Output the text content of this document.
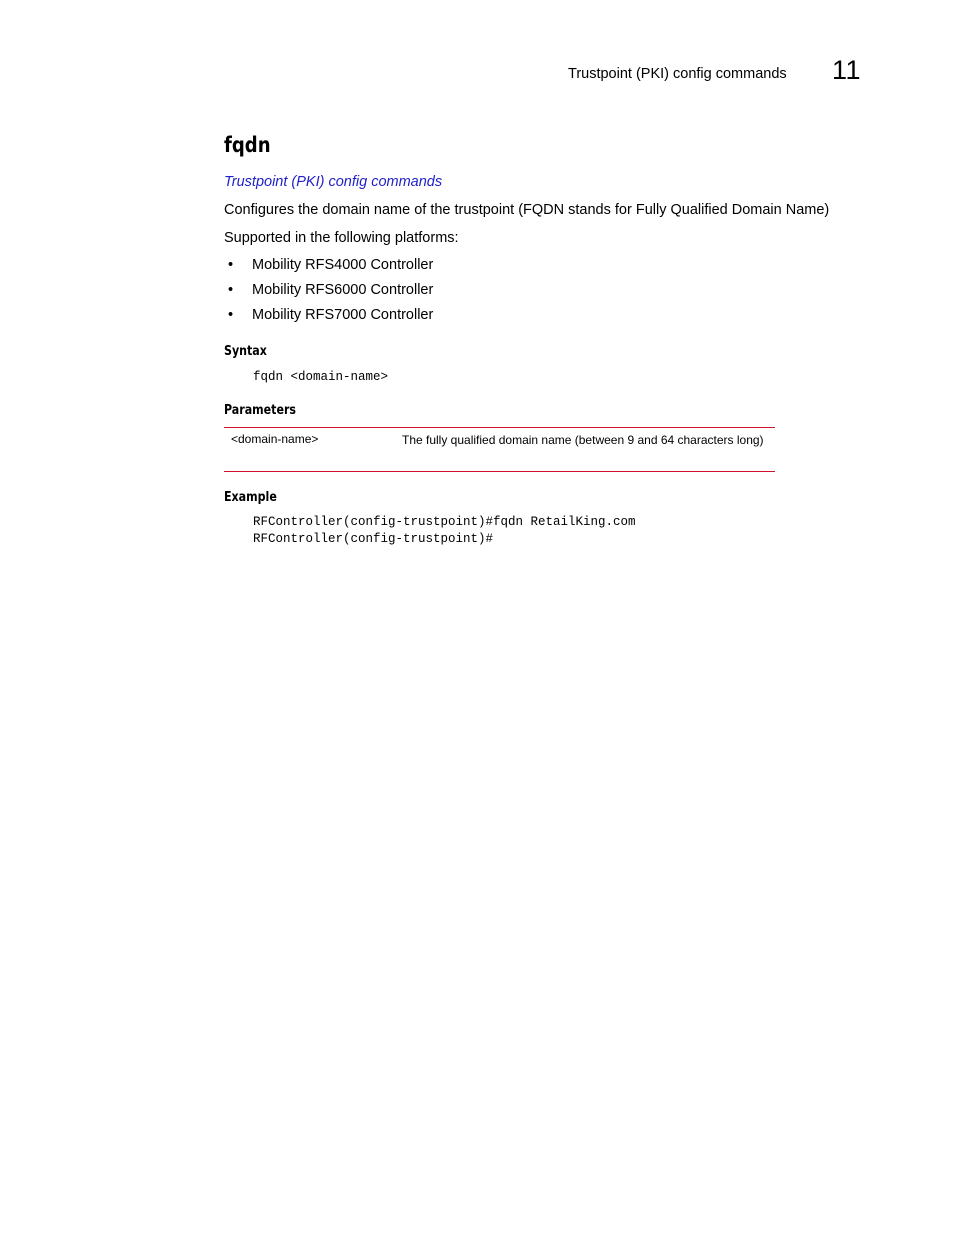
Trustpoint (PKI) config commands 11
fqdn
Trustpoint (PKI) config commands
Configures the domain name of the trustpoint (FQDN stands for Fully Qualified Domain Name)
Supported in the following platforms:
• Mobility RFS4000 Controller
• Mobility RFS6000 Controller
• Mobility RFS7000 Controller
Syntax
fqdn <domain-name>
Parameters
<domain-name>	The fully qualified domain name (between 9 and 64 characters long)
Example
RFController(config-trustpoint)#fqdn RetailKing.com
RFController(config-trustpoint)#
